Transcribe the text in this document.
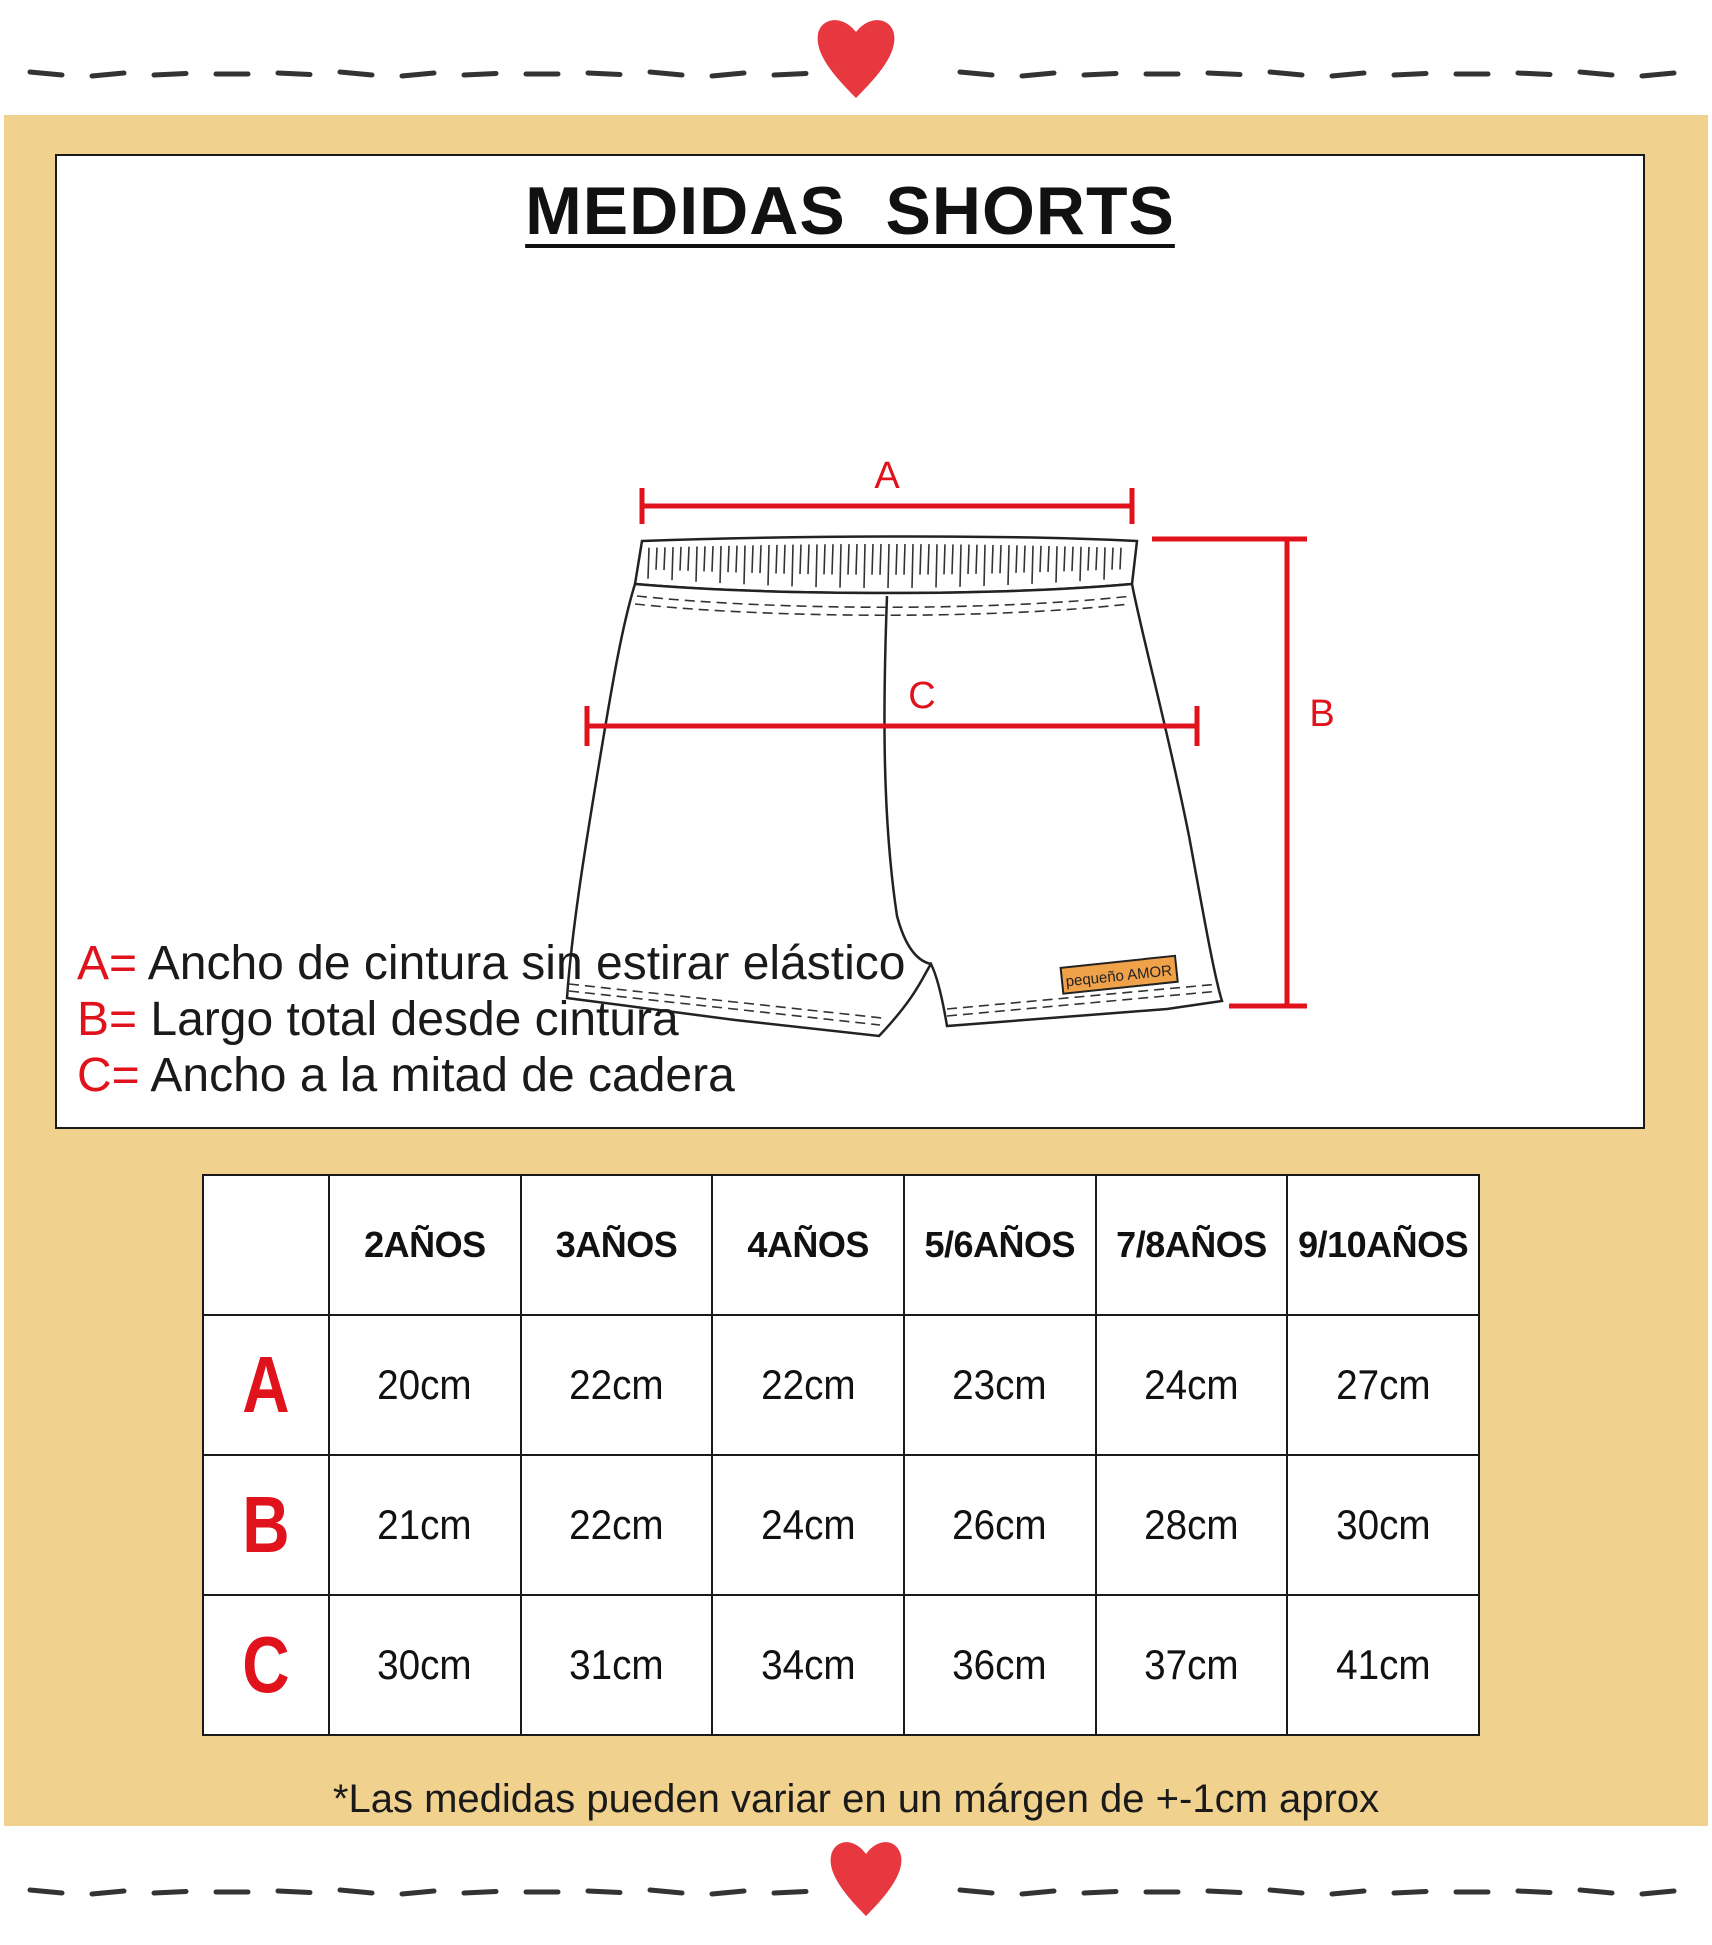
MEDIDAS  SHORTS
A
pequeño AMOR
C	B
A= Ancho de cintura sin estirar elástico
B= Largo total desde cintura
C= Ancho a la mitad de cadera
	2AÑOS	3AÑOS	4AÑOS	5/6AÑOS	7/8AÑOS	9/10AÑOS
A	20cm	22cm	22cm	23cm	24cm	27cm
B	21cm	22cm	24cm	26cm	28cm	30cm
C	30cm	31cm	34cm	36cm	37cm	41cm
*Las medidas pueden variar en un márgen de +-1cm aprox
